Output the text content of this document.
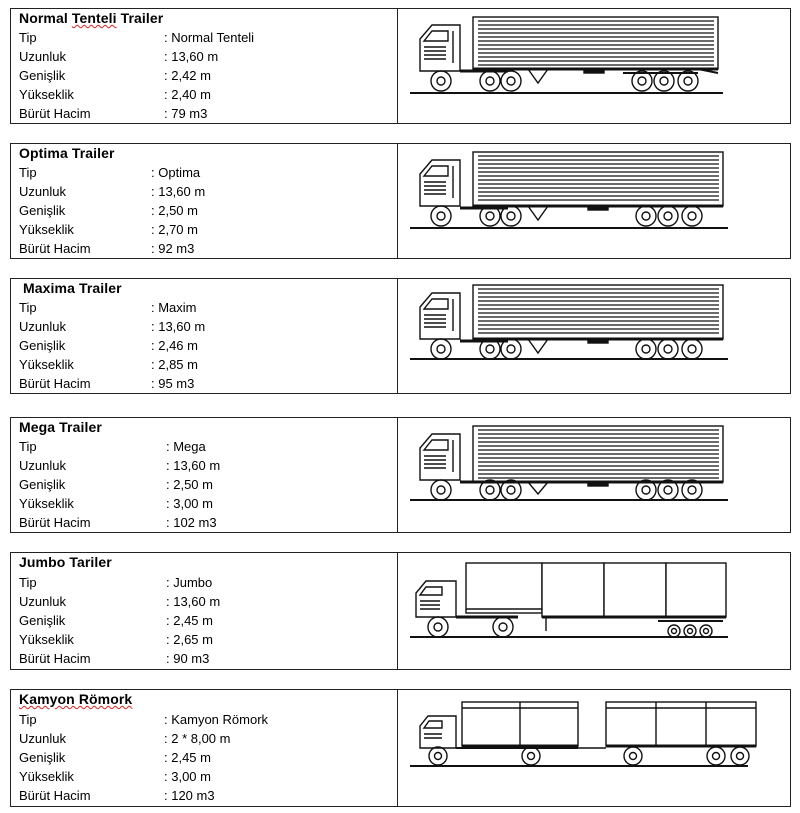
Normal Tenteli Trailer
Tip	: Normal Tenteli
Uzunluk	: 13,60 m
Genişlik	: 2,42 m
Yükseklik	: 2,40 m
Bürüt Hacim	: 79 m3
Optima Trailer
Tip	: Optima
Uzunluk	: 13,60 m
Genişlik	: 2,50 m
Yükseklik	: 2,70 m
Bürüt Hacim	: 92 m3
Maxima Trailer
Tip	: Maxim
Uzunluk	: 13,60 m
Genişlik	: 2,46 m
Yükseklik	: 2,85 m
Bürüt Hacim	: 95 m3
Mega Trailer
Tip	: Mega
Uzunluk	: 13,60 m
Genişlik	: 2,50 m
Yükseklik	: 3,00 m
Bürüt Hacim	: 102 m3
Jumbo Tariler
Tip	: Jumbo
Uzunluk	: 13,60 m
Genişlik	: 2,45 m
Yükseklik	: 2,65 m
Bürüt Hacim	: 90 m3
Kamyon Römork
Tip	: Kamyon Römork
Uzunluk	: 2 * 8,00 m
Genişlik	: 2,45 m
Yükseklik	: 3,00 m
Bürüt Hacim	: 120 m3
